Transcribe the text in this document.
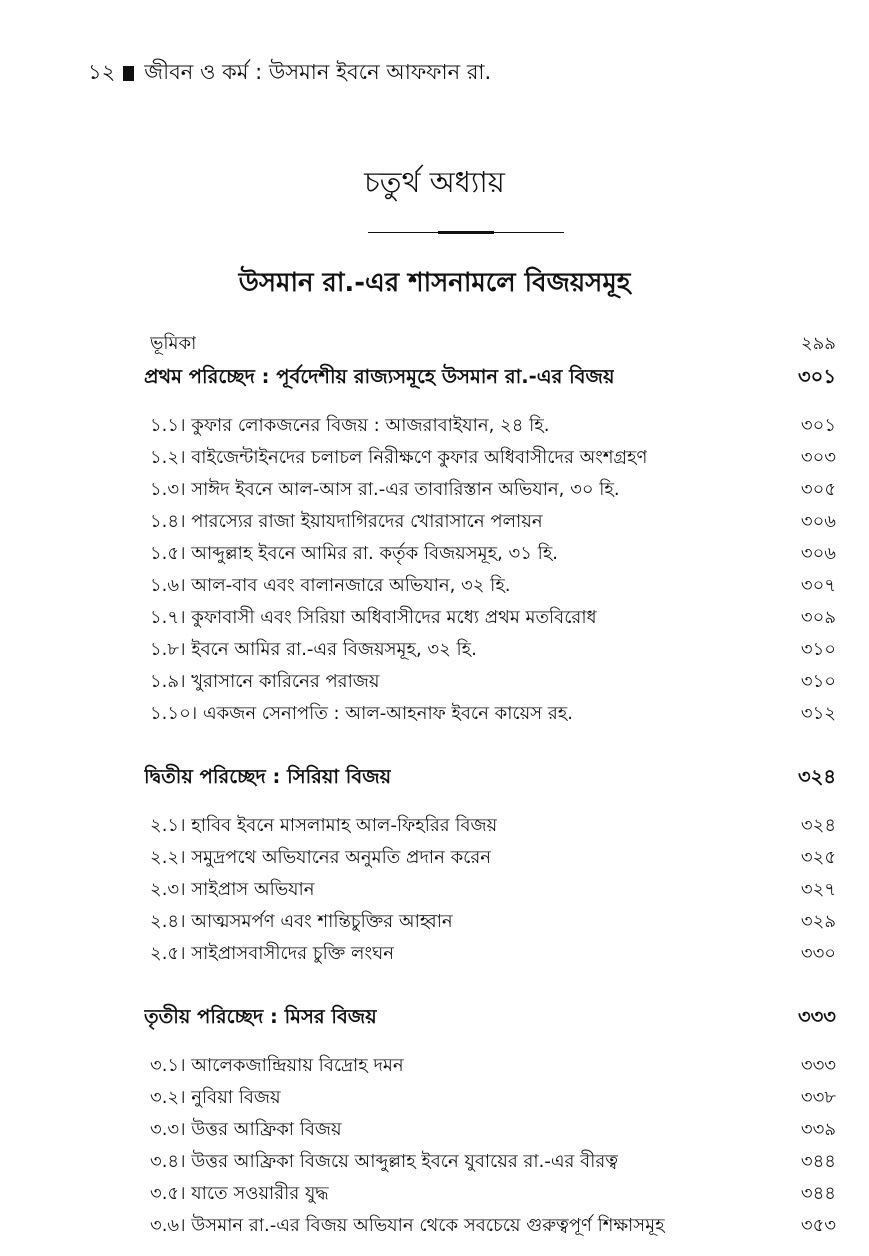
১২ জীবন ও কর্ম : উসমান ইবনে আফফান রা.
চতুর্থ অধ্যায়
উসমান রা.-এর শাসনামলে বিজয়সমূহ
ভূমিকা	২৯৯
প্রথম পরিচ্ছেদ : পূর্বদেশীয় রাজ্যসমূহে উসমান রা.-এর বিজয়	৩০১
১.১। কুফার লোকজনের বিজয় : আজরাবাইযান, ২৪ হি.	৩০১
১.২। বাইজেন্টাইনদের চলাচল নিরীক্ষণে কুফার অধিবাসীদের অংশগ্রহণ	৩০৩
১.৩। সাঈদ ইবনে আল-আস রা.-এর তাবারিস্তান অভিযান, ৩০ হি.	৩০৫
১.৪। পারস্যের রাজা ইয়াযদাগিরদের খোরাসানে পলায়ন	৩০৬
১.৫। আব্দুল্লাহ ইবনে আমির রা. কর্তৃক বিজয়সমূহ, ৩১ হি.	৩০৬
১.৬। আল-বাব এবং বালানজারে অভিযান, ৩২ হি.	৩০৭
১.৭। কুফাবাসী এবং সিরিয়া অধিবাসীদের মধ্যে প্রথম মতবিরোধ	৩০৯
১.৮। ইবনে আমির রা.-এর বিজয়সমূহ, ৩২ হি.	৩১০
১.৯। খুরাসানে কারিনের পরাজয়	৩১০
১.১০। একজন সেনাপতি : আল-আহনাফ ইবনে কায়েস রহ.	৩১২
দ্বিতীয় পরিচ্ছেদ : সিরিয়া বিজয়	৩২৪
২.১। হাবিব ইবনে মাসলামাহ আল-ফিহরির বিজয়	৩২৪
২.২। সমুদ্রপথে অভিযানের অনুমতি প্রদান করেন	৩২৫
২.৩। সাইপ্রাস অভিযান	৩২৭
২.৪। আত্মসমর্পণ এবং শান্তিচুক্তির আহ্বান	৩২৯
২.৫। সাইপ্রাসবাসীদের চুক্তি লংঘন	৩৩০
তৃতীয় পরিচ্ছেদ : মিসর বিজয়	৩৩৩
৩.১। আলেকজান্দ্রিয়ায় বিদ্রোহ দমন	৩৩৩
৩.২। নুবিয়া বিজয়	৩৩৮
৩.৩। উত্তর আফ্রিকা বিজয়	৩৩৯
৩.৪। উত্তর আফ্রিকা বিজয়ে আব্দুল্লাহ ইবনে যুবায়ের রা.-এর বীরত্ব	৩৪৪
৩.৫। যাতে সওয়ারীর যুদ্ধ	৩৪৪
৩.৬। উসমান রা.-এর বিজয় অভিযান থেকে সবচেয়ে গুরুত্বপূর্ণ শিক্ষাসমূহ	৩৫৩
